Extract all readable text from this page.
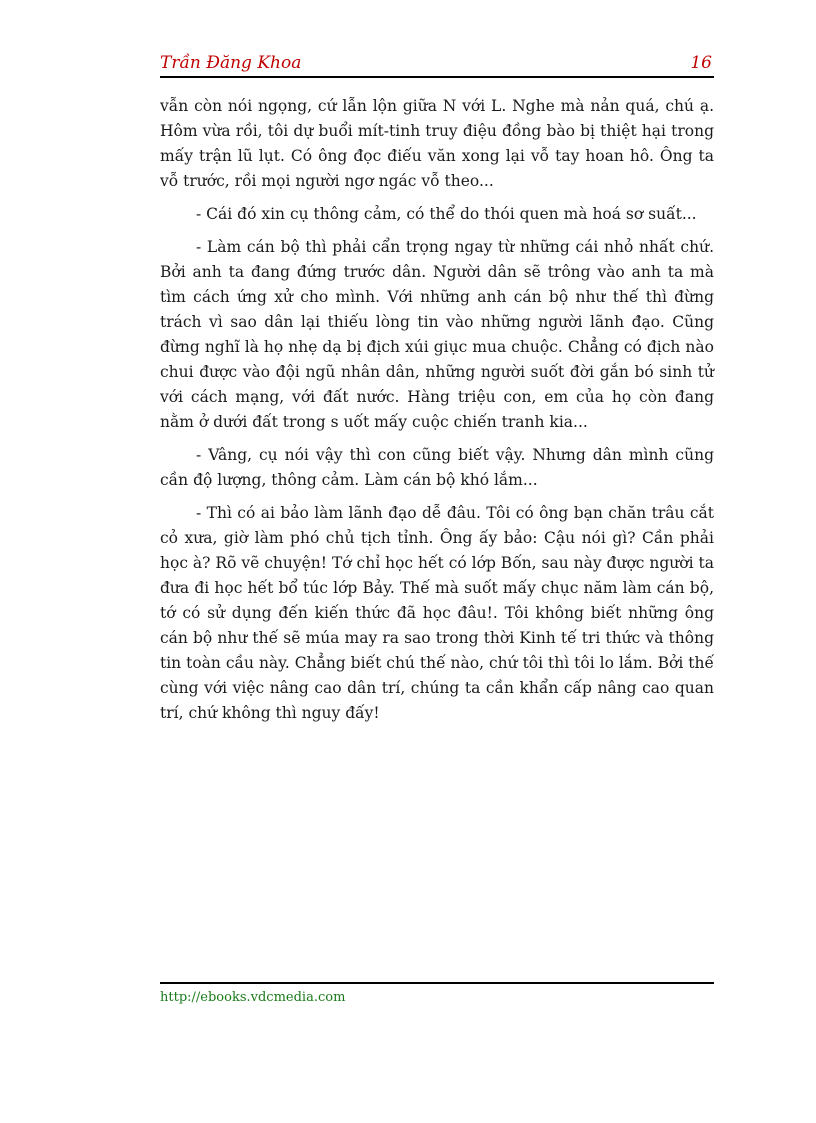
Trần Đăng Khoa	16

vẫn còn nói ngọng, cứ lẫn lộn giữa N với L. Nghe mà nản quá, chú ạ. Hôm vừa rồi, tôi dự buổi mít-tinh truy điệu đồng bào bị thiệt hại trong mấy trận lũ lụt. Có ông đọc điếu văn xong lại vỗ tay hoan hô. Ông ta vỗ trước, rồi mọi người ngơ ngác vỗ theo...

- Cái đó xin cụ thông cảm, có thể do thói quen mà hoá sơ suất...

- Làm cán bộ thì phải cẩn trọng ngay từ những cái nhỏ nhất chứ. Bởi anh ta đang đứng trước dân. Người dân sẽ trông vào anh ta mà tìm cách ứng xử cho mình. Với những anh cán bộ như thế thì đừng trách vì sao dân lại thiếu lòng tin vào những người lãnh đạo. Cũng đừng nghĩ là họ nhẹ dạ bị địch xúi giục mua chuộc. Chẳng có địch nào chui được vào đội ngũ nhân dân, những người suốt đời gắn bó sinh tử với cách mạng, với đất nước. Hàng triệu con, em của họ còn đang nằm ở dưới đất trong s uốt mấy cuộc chiến tranh kia...

- Vâng, cụ nói vậy thì con cũng biết vậy. Nhưng dân mình cũng cần độ lượng, thông cảm. Làm cán bộ khó lắm...

- Thì có ai bảo làm lãnh đạo dễ đâu. Tôi có ông bạn chăn trâu cắt cỏ xưa, giờ làm phó chủ tịch tỉnh. Ông ấy bảo: Cậu nói gì? Cần phải học à? Rõ vẽ chuyện! Tớ chỉ học hết có lớp Bốn, sau này được người ta đưa đi học hết bổ túc lớp Bảy. Thế mà suốt mấy chục năm làm cán bộ, tớ có sử dụng đến kiến thức đã học đâu!. Tôi không biết những ông cán bộ như thế sẽ múa may ra sao trong thời Kinh tế tri thức và thông tin toàn cầu này. Chẳng biết chú thế nào, chứ tôi thì tôi lo lắm. Bởi thế cùng với việc nâng cao dân trí, chúng ta cần khẩn cấp nâng cao quan trí, chứ không thì nguy đấy!

http://ebooks.vdcmedia.com
